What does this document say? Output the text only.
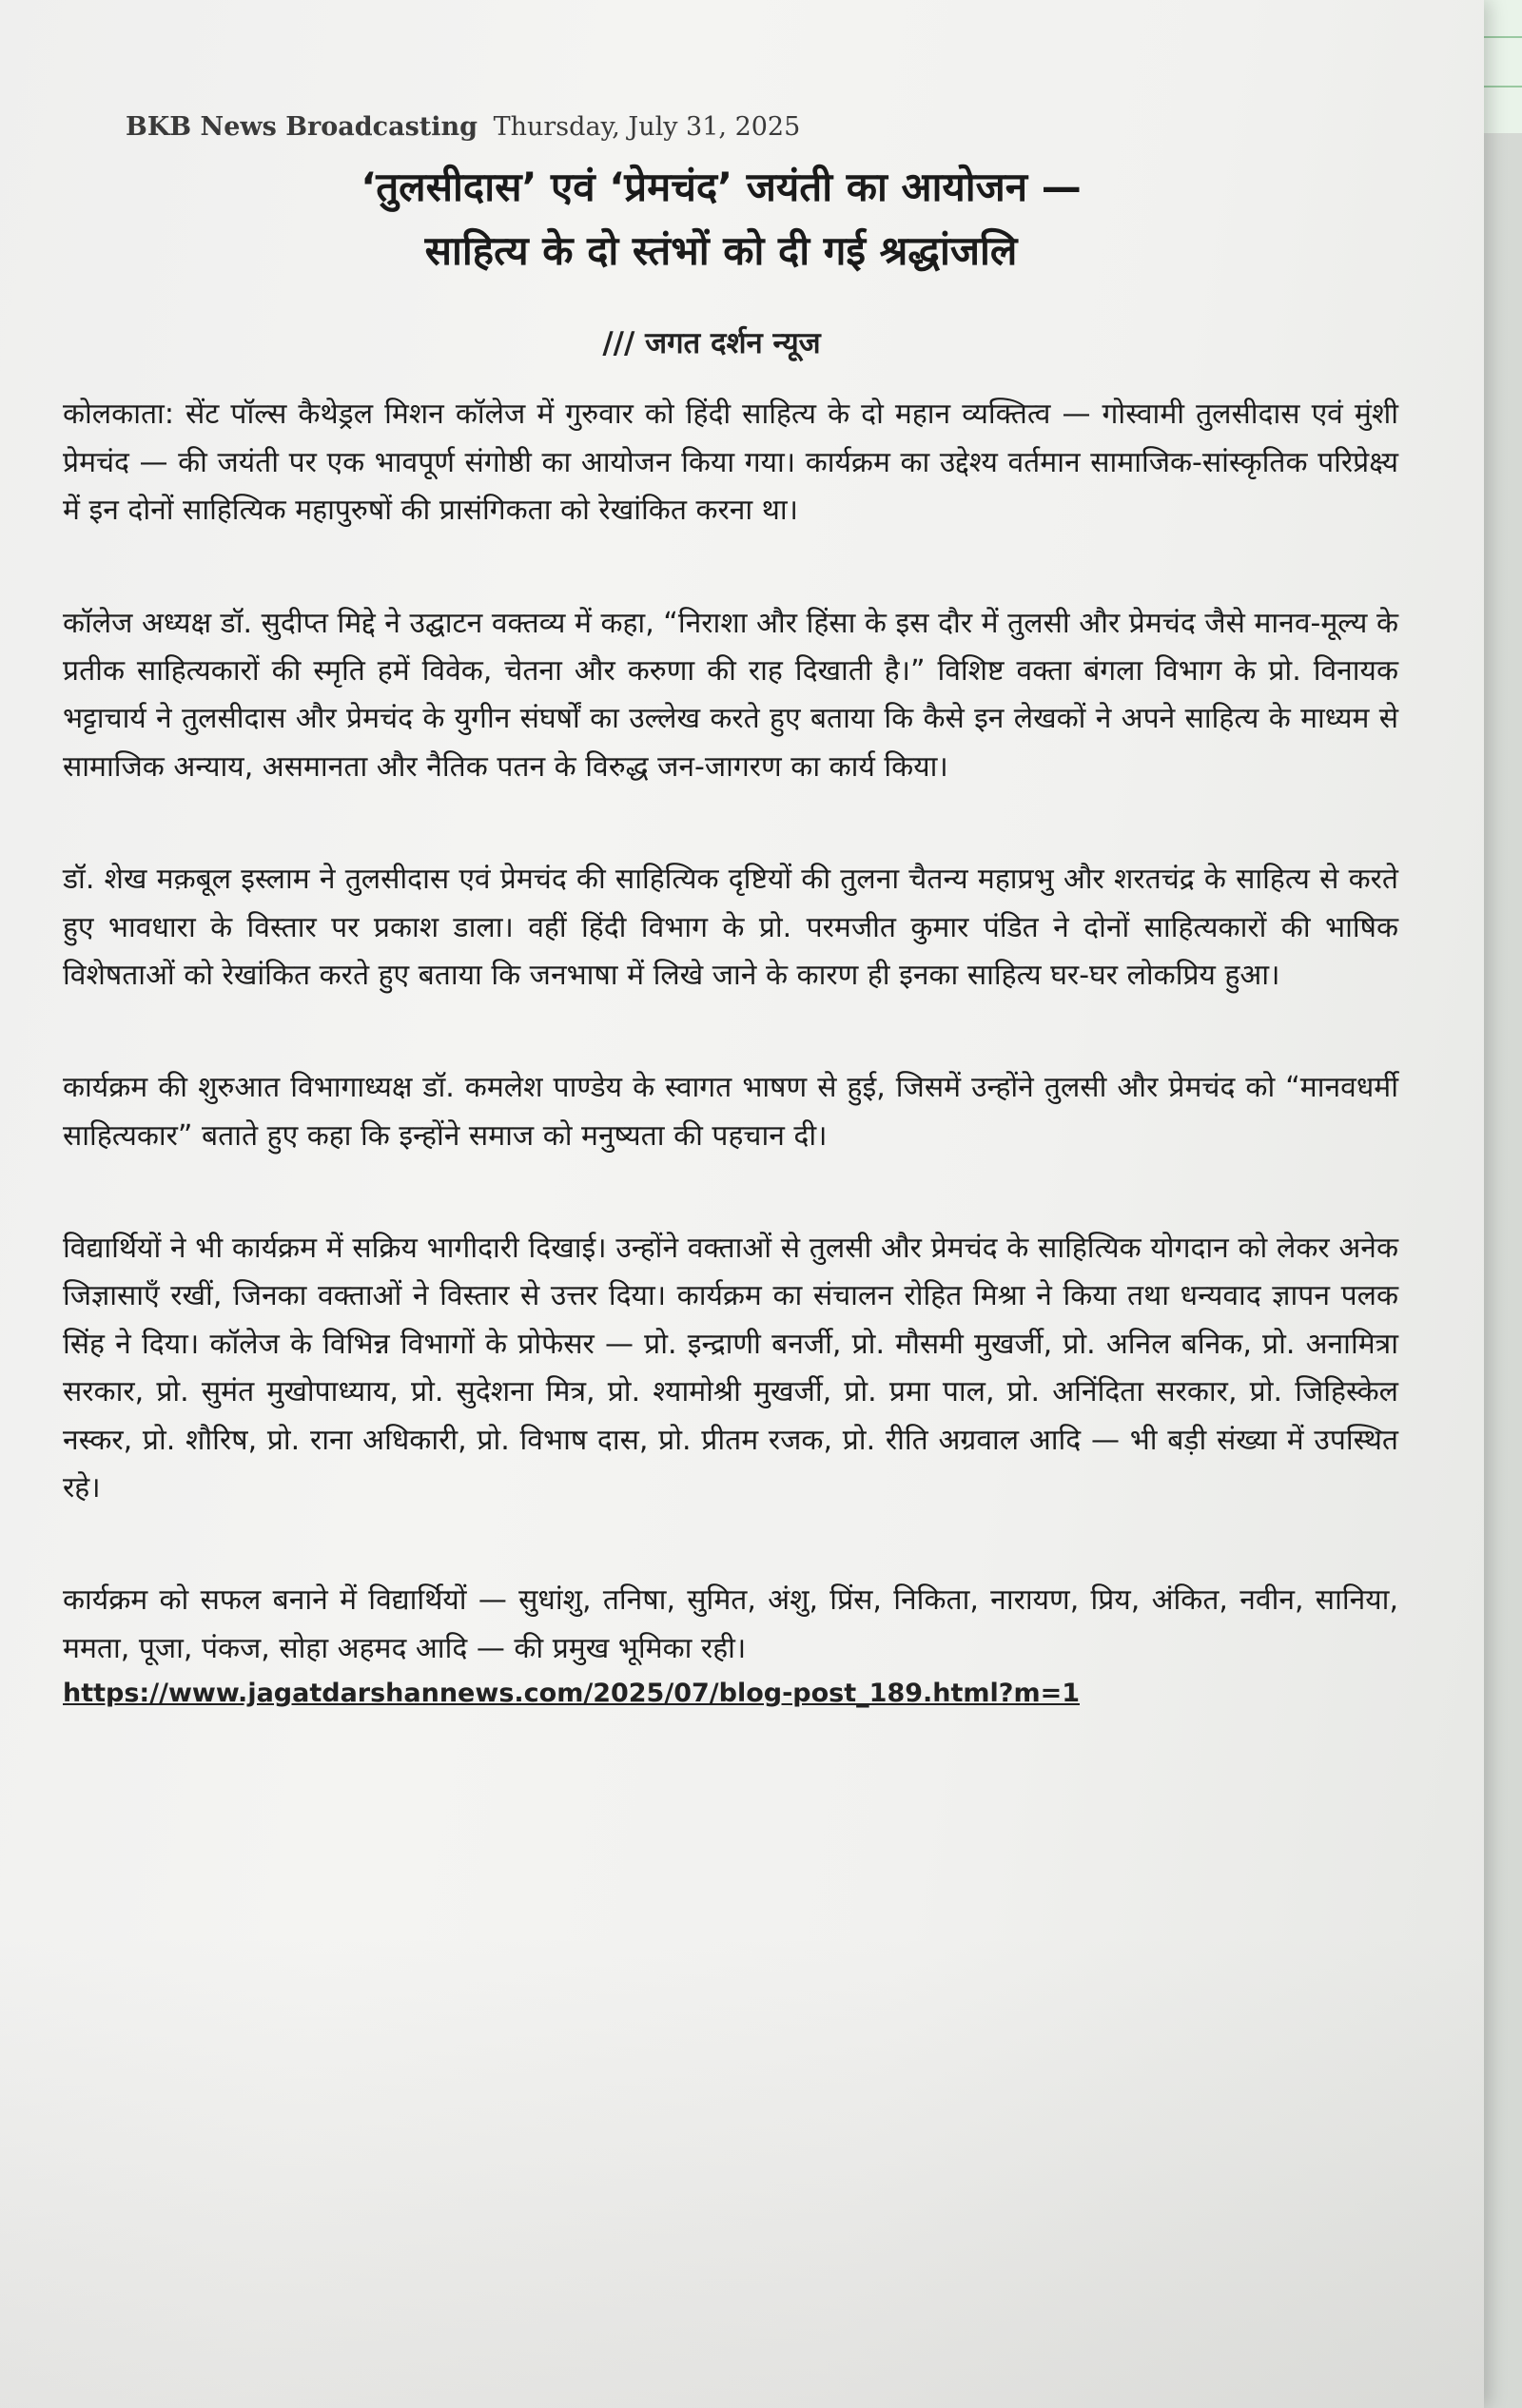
BKB News Broadcasting Thursday, July 31, 2025
‘तुलसीदास’ एवं ‘प्रेमचंद’ जयंती का आयोजन —
साहित्य के दो स्तंभों को दी गई श्रद्धांजलि
/// जगत दर्शन न्यूज

कोलकाता: सेंट पॉल्स कैथेड्रल मिशन कॉलेज में गुरुवार को हिंदी साहित्य के दो महान व्यक्तित्व — गोस्वामी तुलसीदास एवं मुंशी प्रेमचंद — की जयंती पर एक भावपूर्ण संगोष्ठी का आयोजन किया गया। कार्यक्रम का उद्देश्य वर्तमान सामाजिक-सांस्कृतिक परिप्रेक्ष्य में इन दोनों साहित्यिक महापुरुषों की प्रासंगिकता को रेखांकित करना था।

कॉलेज अध्यक्ष डॉ. सुदीप्त मिद्दे ने उद्घाटन वक्तव्य में कहा, “निराशा और हिंसा के इस दौर में तुलसी और प्रेमचंद जैसे मानव-मूल्य के प्रतीक साहित्यकारों की स्मृति हमें विवेक, चेतना और करुणा की राह दिखाती है।” विशिष्ट वक्ता बंगला विभाग के प्रो. विनायक भट्टाचार्य ने तुलसीदास और प्रेमचंद के युगीन संघर्षों का उल्लेख करते हुए बताया कि कैसे इन लेखकों ने अपने साहित्य के माध्यम से सामाजिक अन्याय, असमानता और नैतिक पतन के विरुद्ध जन-जागरण का कार्य किया।

डॉ. शेख मक़बूल इस्लाम ने तुलसीदास एवं प्रेमचंद की साहित्यिक दृष्टियों की तुलना चैतन्य महाप्रभु और शरतचंद्र के साहित्य से करते हुए भावधारा के विस्तार पर प्रकाश डाला। वहीं हिंदी विभाग के प्रो. परमजीत कुमार पंडित ने दोनों साहित्यकारों की भाषिक विशेषताओं को रेखांकित करते हुए बताया कि जनभाषा में लिखे जाने के कारण ही इनका साहित्य घर-घर लोकप्रिय हुआ।

कार्यक्रम की शुरुआत विभागाध्यक्ष डॉ. कमलेश पाण्डेय के स्वागत भाषण से हुई, जिसमें उन्होंने तुलसी और प्रेमचंद को “मानवधर्मी साहित्यकार” बताते हुए कहा कि इन्होंने समाज को मनुष्यता की पहचान दी।

विद्यार्थियों ने भी कार्यक्रम में सक्रिय भागीदारी दिखाई। उन्होंने वक्ताओं से तुलसी और प्रेमचंद के साहित्यिक योगदान को लेकर अनेक जिज्ञासाएँ रखीं, जिनका वक्ताओं ने विस्तार से उत्तर दिया। कार्यक्रम का संचालन रोहित मिश्रा ने किया तथा धन्यवाद ज्ञापन पलक सिंह ने दिया। कॉलेज के विभिन्न विभागों के प्रोफेसर — प्रो. इन्द्राणी बनर्जी, प्रो. मौसमी मुखर्जी, प्रो. अनिल बनिक, प्रो. अनामित्रा सरकार, प्रो. सुमंत मुखोपाध्याय, प्रो. सुदेशना मित्र, प्रो. श्यामोश्री मुखर्जी, प्रो. प्रमा पाल, प्रो. अनिंदिता सरकार, प्रो. जिहिस्केल नस्कर, प्रो. शौरिष, प्रो. राना अधिकारी, प्रो. विभाष दास, प्रो. प्रीतम रजक, प्रो. रीति अग्रवाल आदि — भी बड़ी संख्या में उपस्थित रहे।

कार्यक्रम को सफल बनाने में विद्यार्थियों — सुधांशु, तनिषा, सुमित, अंशु, प्रिंस, निकिता, नारायण, प्रिय, अंकित, नवीन, सानिया, ममता, पूजा, पंकज, सोहा अहमद आदि — की प्रमुख भूमिका रही।

https://www.jagatdarshannews.com/2025/07/blog-post_189.html?m=1
